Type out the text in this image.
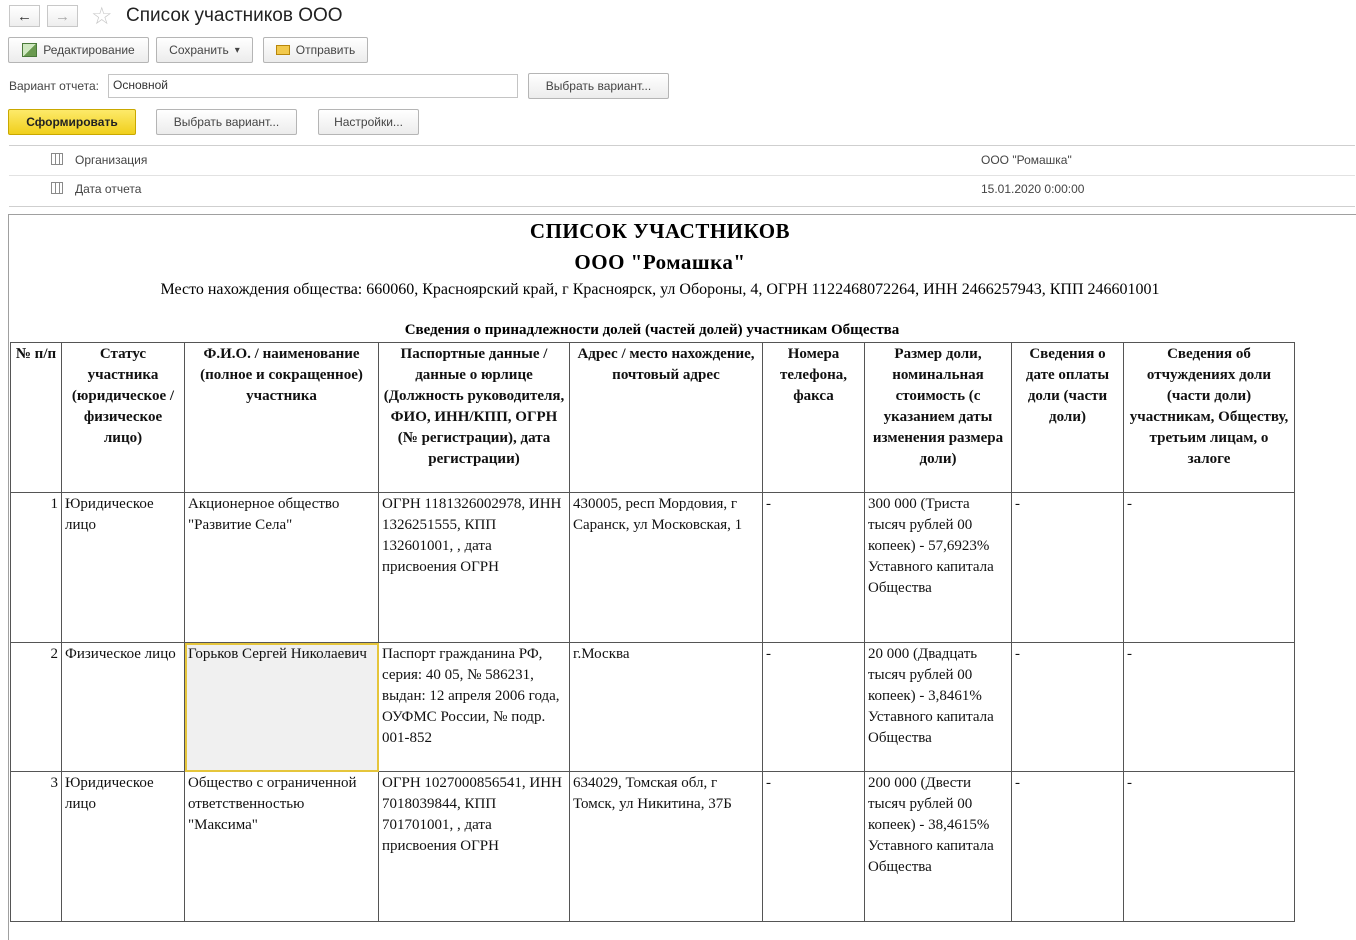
← → ☆ Список участников ООО
Редактирование	Сохранить ▾	Отправить
Вариант отчета:	Основной	Выбрать вариант...
Сформировать	Выбрать вариант...	Настройки...
Организация	ООО "Ромашка"
Дата отчета	15.01.2020 0:00:00
СПИСОК УЧАСТНИКОВ
ООО "Ромашка"
Место нахождения общества: 660060, Красноярский край, г Красноярск, ул Обороны, 4, ОГРН 1122468072264, ИНН 2466257943, КПП 246601001
Сведения о принадлежности долей (частей долей) участникам Общества
№ п/п	Статус участника (юридическое /физическое лицо)	Ф.И.О. / наименование (полное и сокращенное) участника	Паспортные данные / данные о юрлице (Должность руководителя, ФИО, ИНН/КПП, ОГРН (№ регистрации), дата регистрации)	Адрес / место нахождение, почтовый адрес	Номера телефона, факса	Размер доли, номинальная стоимость (с указанием даты изменения размера доли)	Сведения о дате оплаты доли (части доли)	Сведения об отчуждениях доли (части доли) участникам, Обществу, третьим лицам, о залоге
1	Юридическое лицо	Акционерное общество "Развитие Села"	ОГРН 1181326002978, ИНН 1326251555, КПП 132601001, , дата присвоения ОГРН	430005, респ Мордовия, г Саранск, ул Московская, 1	-	300 000 (Триста тысяч рублей 00 копеек) - 57,6923% Уставного капитала Общества	-	-
2	Физическое лицо	Горьков Сергей Николаевич	Паспорт гражданина РФ, серия: 40 05, № 586231, выдан: 12 апреля 2006 года, ОУФМС России, № подр. 001-852	г.Москва	-	20 000 (Двадцать тысяч рублей 00 копеек) - 3,8461% Уставного капитала Общества	-	-
3	Юридическое лицо	Общество с ограниченной ответственностью "Максима"	ОГРН 1027000856541, ИНН 7018039844, КПП 701701001, , дата присвоения ОГРН	634029, Томская обл, г Томск, ул Никитина, 37Б	-	200 000 (Двести тысяч рублей 00 копеек) - 38,4615% Уставного капитала Общества	-	-
